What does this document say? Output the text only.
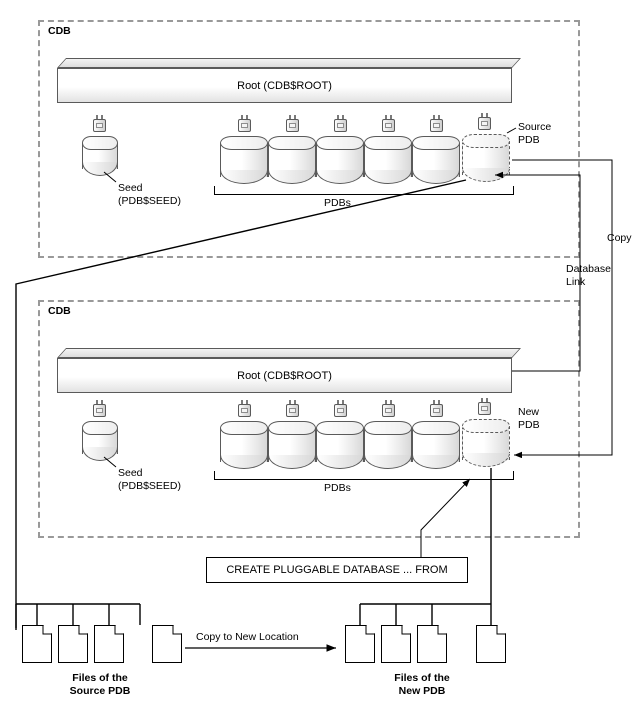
CDB
Root (CDB$ROOT)
Seed
(PDB$SEED)	PDBs
Source
PDB
CDB
Root (CDB$ROOT)
Seed
(PDB$SEED)	PDBs
New
PDB
Copy
Database
Link
CREATE PLUGGABLE DATABASE ... FROM
Files of the
Source PDB
Copy to New Location
Files of the
New PDB
